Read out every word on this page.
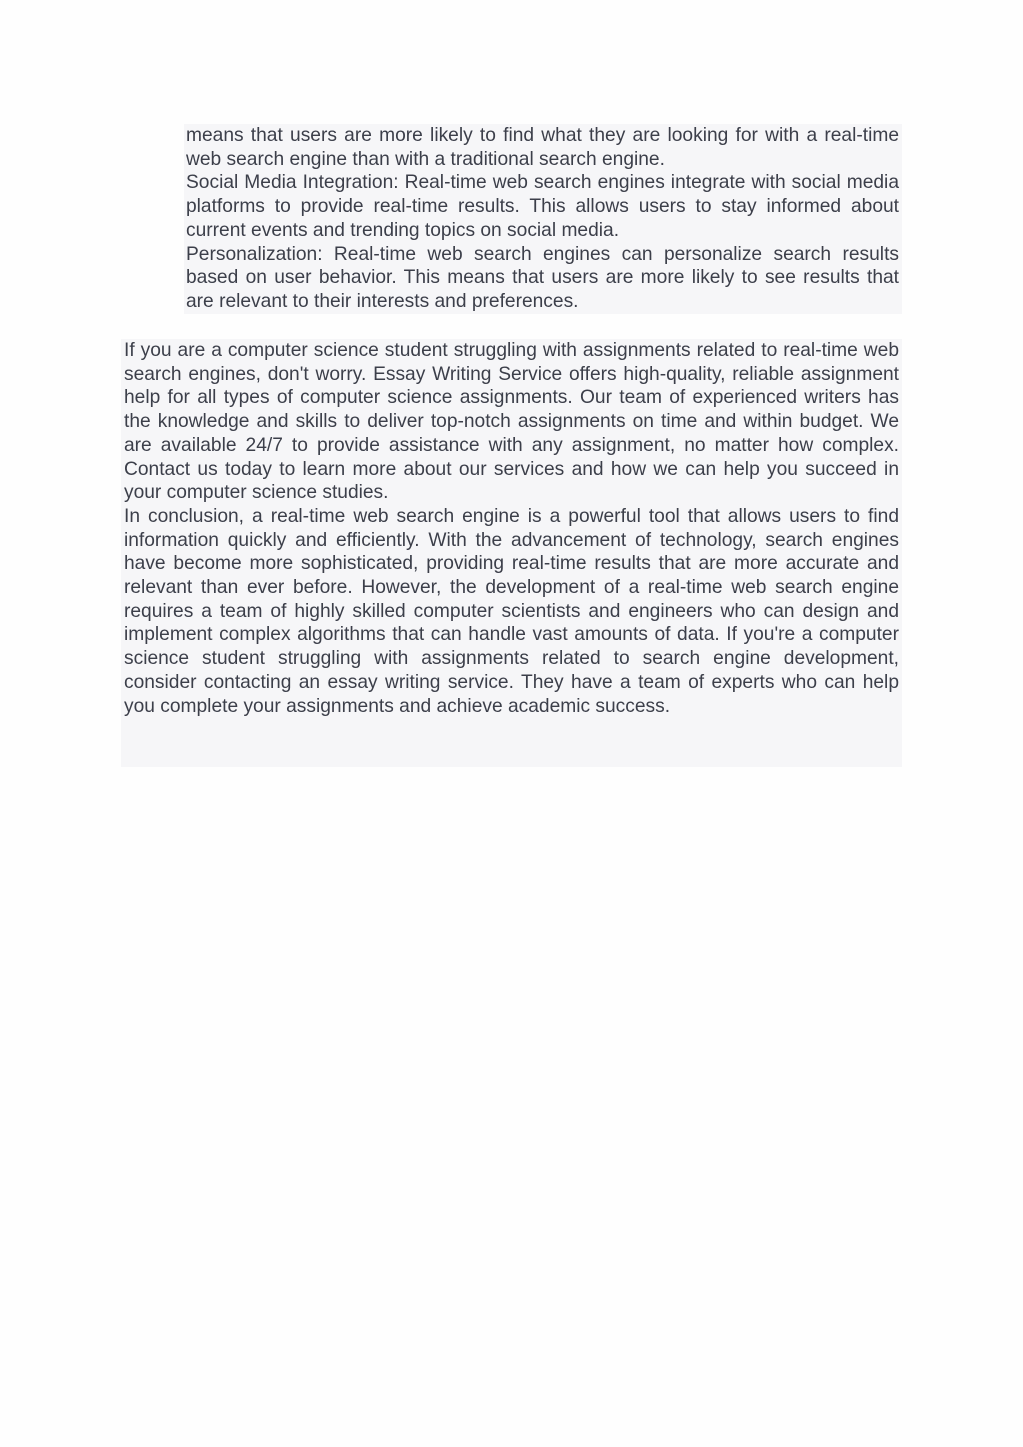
means that users are more likely to find what they are looking for with a real-time web search engine than with a traditional search engine.

Social Media Integration: Real-time web search engines integrate with social media platforms to provide real-time results. This allows users to stay informed about current events and trending topics on social media.

Personalization: Real-time web search engines can personalize search results based on user behavior. This means that users are more likely to see results that are relevant to their interests and preferences.

If you are a computer science student struggling with assignments related to real-time web search engines, don't worry. Essay Writing Service offers high-quality, reliable assignment help for all types of computer science assignments. Our team of experienced writers has the knowledge and skills to deliver top-notch assignments on time and within budget. We are available 24/7 to provide assistance with any assignment, no matter how complex. Contact us today to learn more about our services and how we can help you succeed in your computer science studies.

In conclusion, a real-time web search engine is a powerful tool that allows users to find information quickly and efficiently. With the advancement of technology, search engines have become more sophisticated, providing real-time results that are more accurate and relevant than ever before. However, the development of a real-time web search engine requires a team of highly skilled computer scientists and engineers who can design and implement complex algorithms that can handle vast amounts of data. If you're a computer science student struggling with assignments related to search engine development, consider contacting an essay writing service. They have a team of experts who can help you complete your assignments and achieve academic success.
